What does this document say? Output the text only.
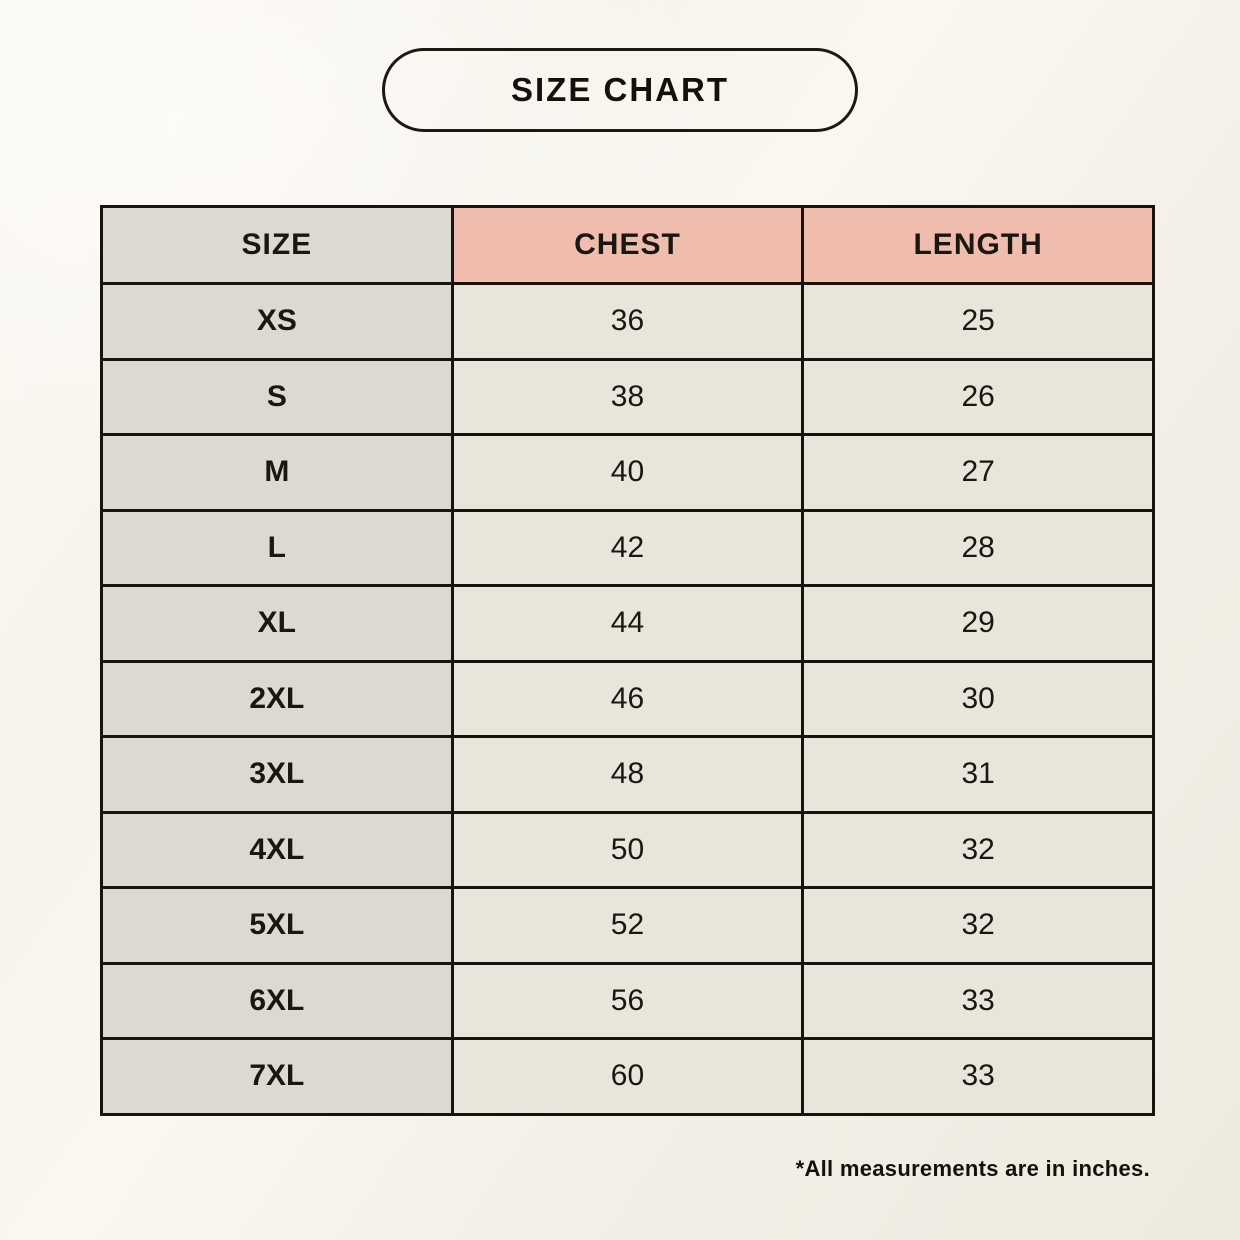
SIZE CHART
SIZE	CHEST	LENGTH
XS	36	25
S	38	26
M	40	27
L	42	28
XL	44	29
2XL	46	30
3XL	48	31
4XL	50	32
5XL	52	32
6XL	56	33
7XL	60	33
*All measurements are in inches.
